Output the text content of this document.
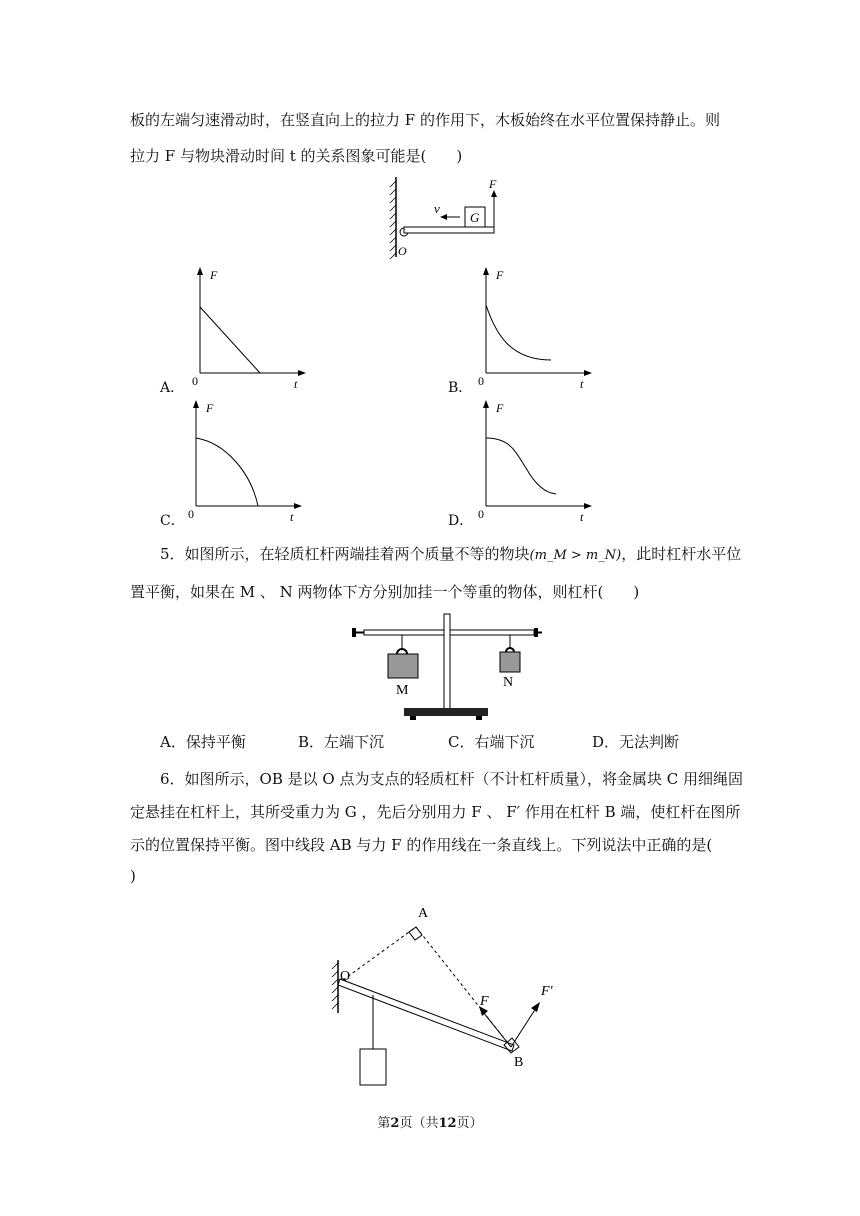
板的左端匀速滑动时，在竖直向上的拉力 F 的作用下，木板始终在水平位置保持静止。则
拉力 F 与物块滑动时间 t 的关系图象可能是(　　)
G
v
F
O
A．
F
t
0	B．
F
t
0
C．
F
t
0	D．
F
t
0
5．如图所示，在轻质杠杆两端挂着两个质量不等的物块(m_M > m_N)，此时杠杆水平位
置平衡，如果在 M 、 N 两物体下方分别加挂一个等重的物体，则杠杆(　　)
M
N
A．保持平衡	B．左端下沉	C．右端下沉	D．无法判断
6．如图所示，OB 是以 O 点为支点的轻质杠杆（不计杠杆质量），将金属块 C 用细绳固
定悬挂在杠杆上，其所受重力为 G ，先后分别用力 F 、 F′ 作用在杠杆 B 端，使杠杆在图所
示的位置保持平衡。图中线段 AB 与力 F 的作用线在一条直线上。下列说法中正确的是(
)
A
O
F
F′
B
第2页（共12页）
